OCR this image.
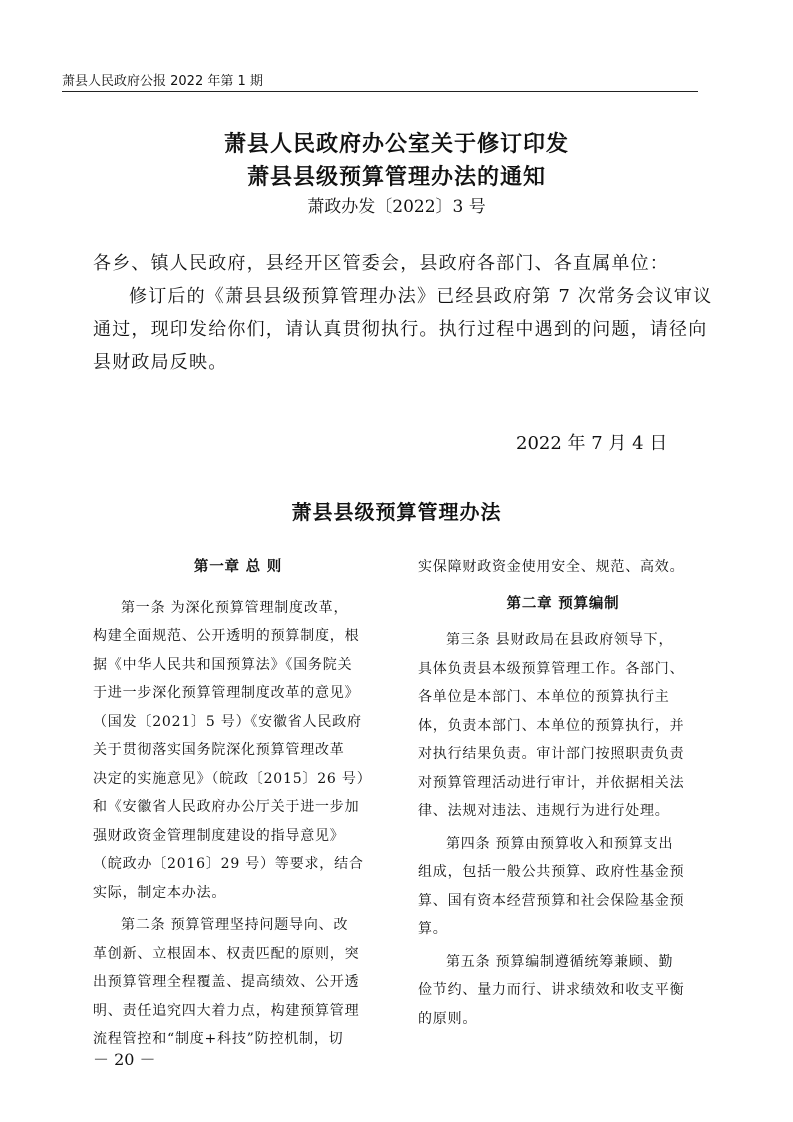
萧县人民政府公报 2022 年第 1 期
萧县人民政府办公室关于修订印发
萧县县级预算管理办法的通知
萧政办发〔2022〕3 号
各乡、镇人民政府，县经开区管委会，县政府各部门、各直属单位：
修订后的《萧县县级预算管理办法》已经县政府第 7 次常务会议审议
通过，现印发给你们，请认真贯彻执行。执行过程中遇到的问题，请径向
县财政局反映。
2022 年 7 月 4 日
萧县县级预算管理办法

第一章 总 则

第一条 为深化预算管理制度改革，

构建全面规范、公开透明的预算制度，根

据《中华人民共和国预算法》《国务院关

于进一步深化预算管理制度改革的意见》

（国发〔2021〕5 号）《安徽省人民政府

关于贯彻落实国务院深化预算管理改革

决定的实施意见》（皖政〔2015〕26 号）

和《安徽省人民政府办公厅关于进一步加

强财政资金管理制度建设的指导意见》

（皖政办〔2016〕29 号）等要求，结合

实际，制定本办法。

第二条 预算管理坚持问题导向、改

革创新、立根固本、权责匹配的原则，突

出预算管理全程覆盖、提高绩效、公开透

明、责任追究四大着力点，构建预算管理

流程管控和“制度+科技”防控机制，切

实保障财政资金使用安全、规范、高效。

第二章 预算编制

第三条 县财政局在县政府领导下，

具体负责县本级预算管理工作。各部门、

各单位是本部门、本单位的预算执行主

体，负责本部门、本单位的预算执行，并

对执行结果负责。审计部门按照职责负责

对预算管理活动进行审计，并依据相关法

律、法规对违法、违规行为进行处理。

第四条 预算由预算收入和预算支出

组成，包括一般公共预算、政府性基金预

算、国有资本经营预算和社会保险基金预

算。

第五条 预算编制遵循统筹兼顾、勤

俭节约、量力而行、讲求绩效和收支平衡

的原则。

－ 20 －
